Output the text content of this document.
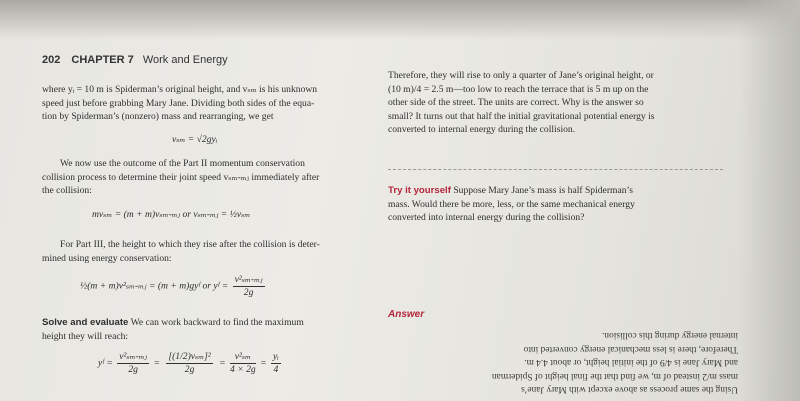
202 CHAPTER 7 Work and Energy
where yᵢ = 10 m is Spiderman’s original height, and vₛₘ is his unknown
speed just before grabbing Mary Jane. Dividing both sides of the equa-
tion by Spiderman’s (nonzero) mass and rearranging, we get
vₛₘ = √2gyᵢ
We now use the outcome of the Part II momentum conservation
collision process to determine their joint speed vₛₘ‑ₘⱼ immediately after
the collision:
mvₛₘ = (m + m)vₛₘ‑ₘⱼ or vₛₘ‑ₘⱼ = ½vₛₘ
For Part III, the height to which they rise after the collision is deter-
mined using energy conservation:
½(m + m)v²ₛₘ‑ₘⱼ = (m + m)gyᶠ or yᶠ = $\frac{\text{v²ₛₘ‑ₘⱼ}}{2g}$
Solve and evaluate We can work backward to find the maximum
height they will reach:
yᶠ = $\frac{\text{v²ₛₘ‑ₘⱼ}}{2g} = \frac{\text{[(1/2)vₛₘ]²}}{2g} = \frac{\text{v²ₛₘ}}{4 \times 2g} = \frac{\text{yᵢ}}{4}$
Therefore, they will rise to only a quarter of Jane’s original height, or
(10 m)/4 = 2.5 m—too low to reach the terrace that is 5 m up on the
other side of the street. The units are correct. Why is the answer so
small? It turns out that half the initial gravitational potential energy is
converted to internal energy during the collision.
Try it yourself Suppose Mary Jane’s mass is half Spiderman’s
mass. Would there be more, less, or the same mechanical energy
converted into internal energy during the collision?
Answer
Using the same process as above except with Mary Jane’s
mass m/2 instead of m, we find that the final height of Spiderman
and Mary Jane is 4/9 of the initial height, or about 4.4 m.
Therefore, there is less mechanical energy converted into
internal energy during this collision.
